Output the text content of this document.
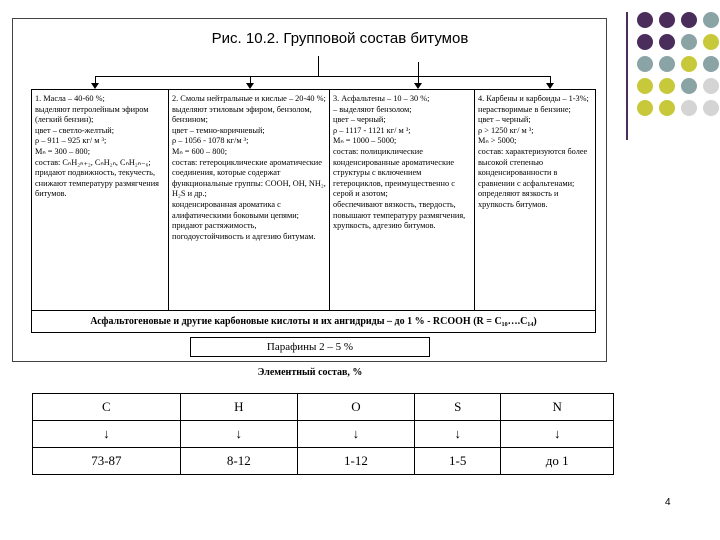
Рис. 10.2. Групповой состав битумов
1. Масла – 40-60 %;
выделяют петролейным эфиром (легкий бензин);
цвет – светло-желтый;
ρ – 911 – 925 кг/ м ³;
Mₙ = 300 – 800;
состав: CₙH₂ₙ₊₂, CₙH₂ₙ, CₙH₂ₙ₋₆;
придают подвижность, текучесть, снижают температуру размягчения битумов.
2. Смолы нейтральные и кислые – 20-40 %;
выделяют этиловым эфиром, бензолом, бензином;
цвет – темно-коричневый;
ρ – 1056 - 1078 кг/м ³;
Mₙ = 600 – 800;
состав: гетероциклические ароматические соединения, которые содержат функциональные группы: СООН, ОН, NH₂, H₂S и др.;
конденсированная ароматика с алифатическими боковыми цепями;
придают растяжимость, погодоустойчивость и адгезию битумам.
3. Асфальтены – 10 – 30 %;
– выделяют бензолом;
цвет – черный;
ρ – 1117 - 1121 кг/ м ³;
Mₙ = 1000 – 5000;
состав: полициклические конденсированные ароматические структуры с включением гетероциклов, преимущественно с серой и азотом;
обеспечивают вязкость, твердость, повышают температуру размягчения, хрупкость, адгезию битумов.
4. Карбены и карбоиды – 1-3%; нерастворимые в бензине;
цвет – черный;
ρ > 1250 кг/ м ³;
Mₙ > 5000;
состав: характеризуются более высокой степенью конденсированности в сравнении с асфальтенами;
определяют вязкость и хрупкость битумов.
Асфальтогеновые и другие карбоновые кислоты и их ангидриды – до 1 % - RCOOH (R = C₁₀….C₁₄)
Парафины 2 – 5 %
Элементный состав, %
C	H	O	S	N
↓	↓	↓	↓	↓
73-87	8-12	1-12	1-5	до 1
4
